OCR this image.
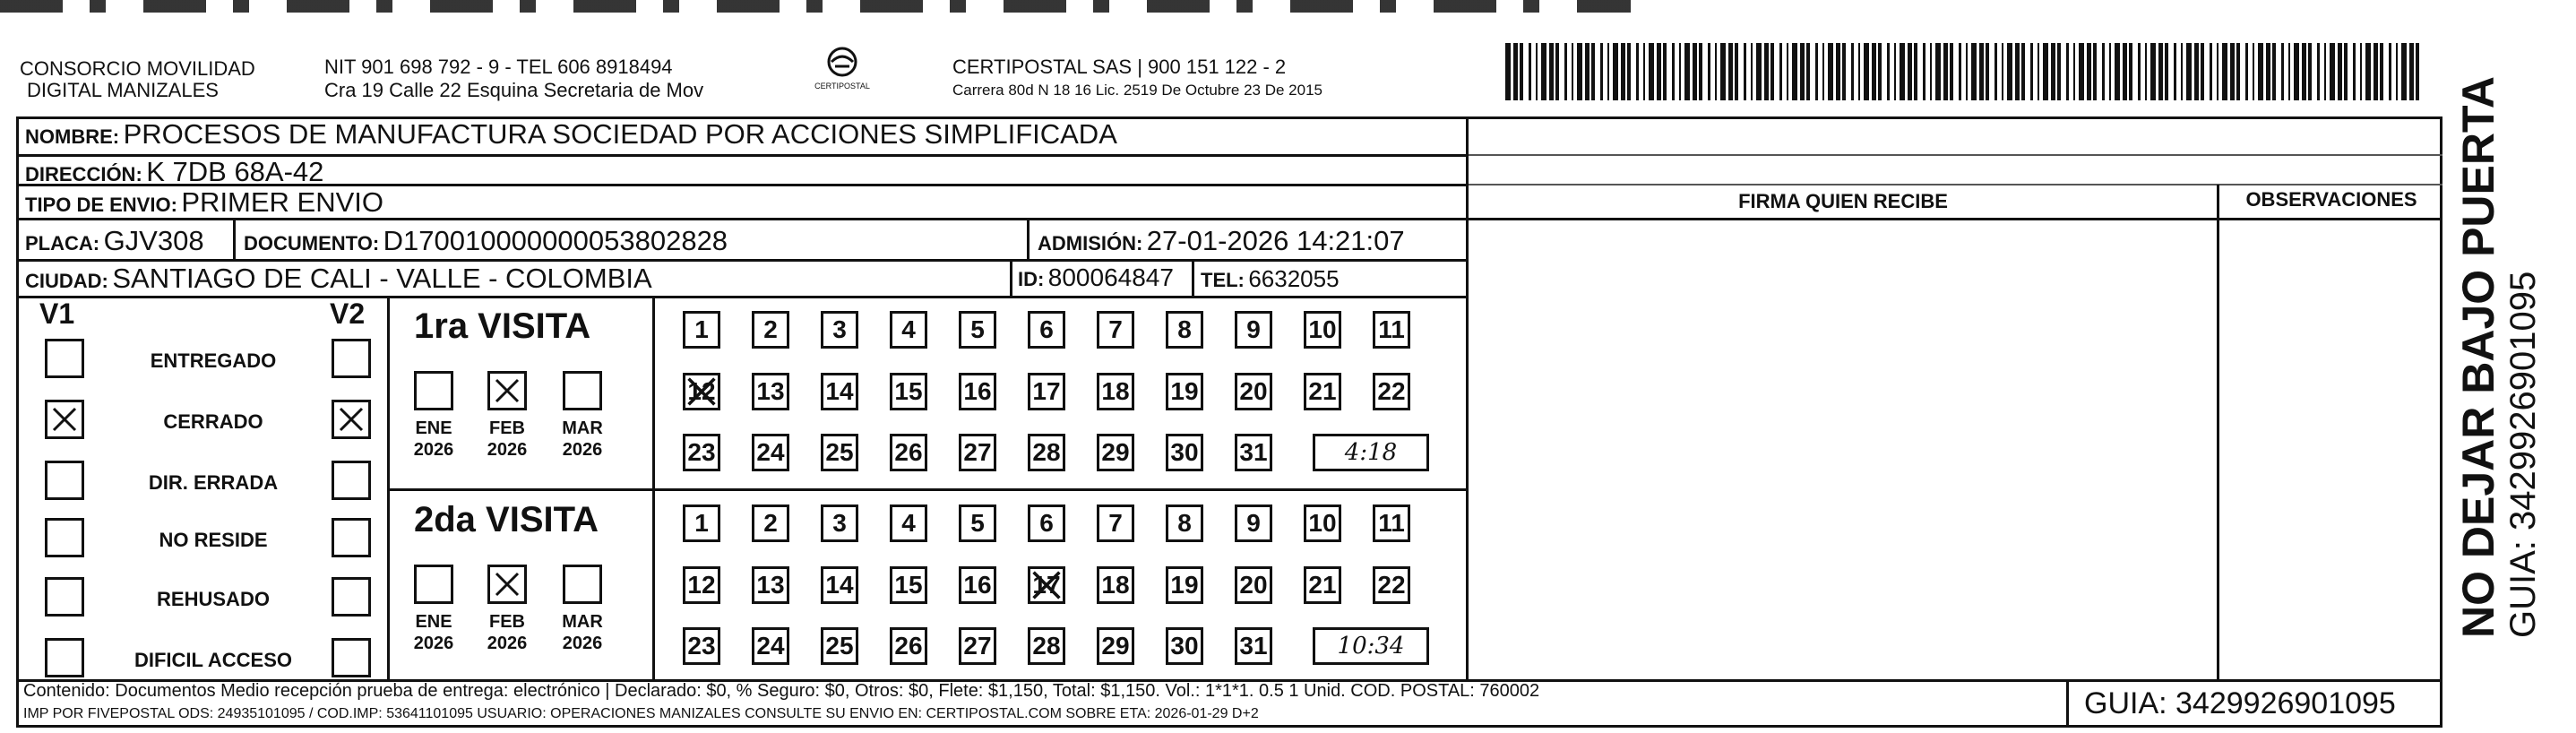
CONSORCIO MOVILIDAD
DIGITAL MANIZALES
NIT 901 698 792 - 9 - TEL 606 8918494
Cra 19 Calle 22 Esquina Secretaria de Mov	CERTIPOSTAL
CERTIPOSTAL SAS | 900 151 122 - 2
Carrera 80d N 18 16 Lic. 2519 De Octubre 23 De 2015
NOMBRE: PROCESOS DE MANUFACTURA SOCIEDAD POR ACCIONES SIMPLIFICADA
DIRECCIÓN: K 7DB 68A-42
TIPO DE ENVIO: PRIMER ENVIO
PLACA: GJV308 DOCUMENTO: D170010000000053802828	ADMISIÓN: 27-01-2026 14:21:07
CIUDAD: SANTIAGO DE CALI - VALLE - COLOMBIA	ID: 800064847 TEL: 6632055
FIRMA QUIEN RECIBE	OBSERVACIONES NO DEJAR BAJO PUERTA GUIA: 3429926901095
V1	V2
ENTREGADO
CERRADO
DIR. ERRADA
NO RESIDE
REHUSADO
DIFICIL ACCESO
1ra VISITA
ENE
2026
FEB
2026
MAR
2026
1 2 3 4 5 6 7 8 9 10 11
12 13 14 15 16 17 18 19 20 21 22
23 24 25 26 27 28 29 30 31	4:18
2da VISITA
ENE
2026
FEB
2026
MAR
2026
1 2 3 4 5 6 7 8 9 10 11
12 13 14 15 16 17 18 19 20 21 22
23 24 25 26 27 28 29 30 31	10:34
Contenido: Documentos Medio recepción prueba de entrega: electrónico | Declarado: $0, % Seguro: $0, Otros: $0, Flete: $1,150, Total: $1,150. Vol.: 1*1*1. 0.5 1 Unid. COD. POSTAL: 760002
IMP POR FIVEPOSTAL ODS: 24935101095 / COD.IMP: 53641101095 USUARIO: OPERACIONES MANIZALES CONSULTE SU ENVIO EN: CERTIPOSTAL.COM SOBRE ETA: 2026-01-29 D+2	GUIA: 3429926901095
